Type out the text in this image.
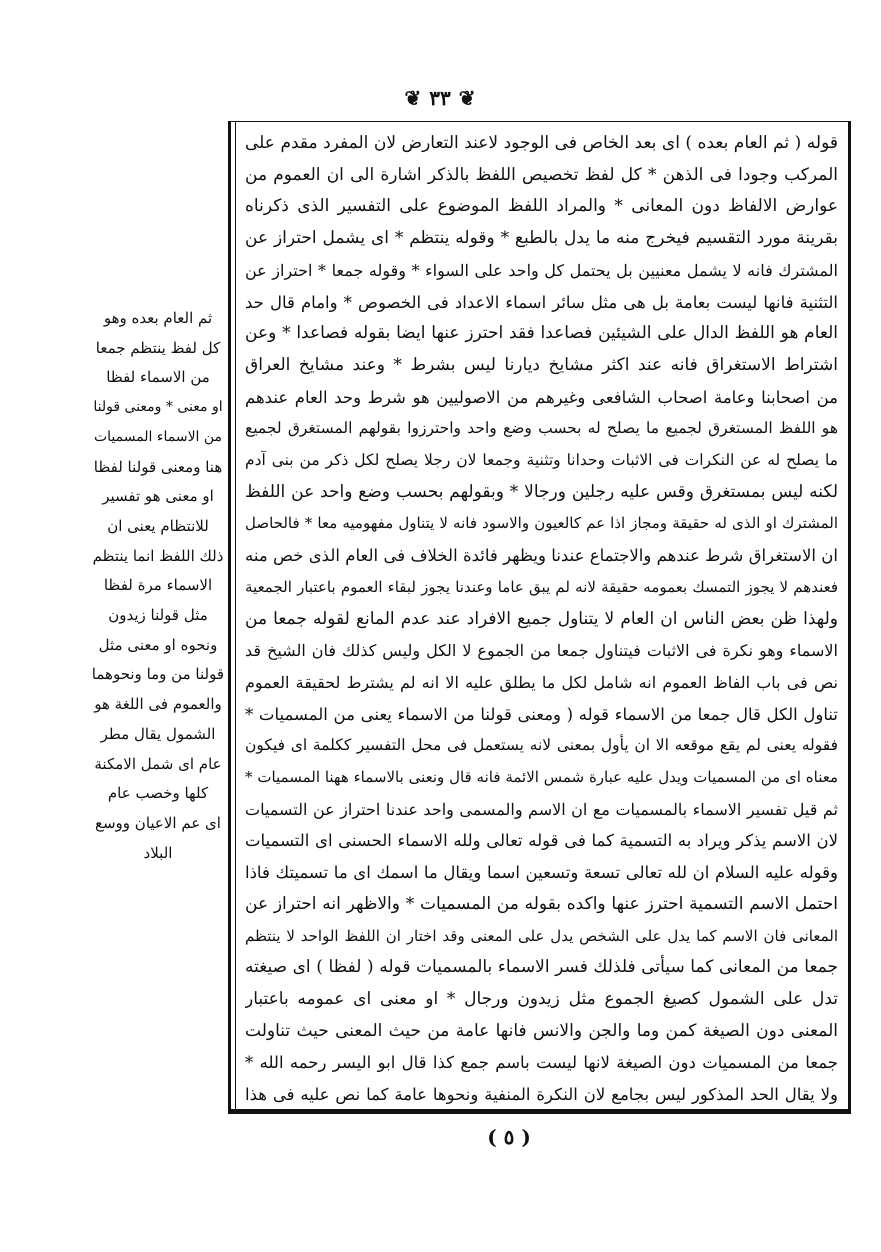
❦ ٣٣ ❦
ثم العام بعده وهو
كل لفظ ينتظم جمعا
من الاسماء لفظا
او معنى * ومعنى قولنا
من الاسماء المسميات
هنا ومعنى قولنا لفظا
او معنى هو تفسير
للانتظام يعنى ان
ذلك اللفظ انما ينتظم
الاسماء مرة لفظا
مثل قولنا زيدون
ونحوه او معنى مثل
قولنا من وما ونحوهما
والعموم فى اللغة هو
الشمول يقال مطر
عام اى شمل الامكنة
كلها وخصب عام
اى عم الاعيان ووسع
البلاد
قوله ( ثم العام بعده ) اى بعد الخاص فى الوجود لاعند التعارض لان المفرد مقدم على
المركب وجودا فى الذهن * كل لفظ تخصيص اللفظ بالذكر اشارة الى ان العموم من
عوارض الالفاظ دون المعانى * والمراد اللفظ الموضوع على التفسير الذى ذكرناه
بقرينة مورد التقسيم فيخرج منه ما يدل بالطبع * وقوله ينتظم * اى يشمل احتراز عن
المشترك فانه لا يشمل معنيين بل يحتمل كل واحد على السواء * وقوله جمعا * احتراز عن
التثنية فانها ليست بعامة بل هى مثل سائر اسماء الاعداد فى الخصوص * وامام قال حد
العام هو اللفظ الدال على الشيئين فصاعدا فقد احترز عنها ايضا بقوله فصاعدا * وعن
اشتراط الاستغراق فانه عند اكثر مشايخ ديارنا ليس بشرط * وعند مشايخ العراق
من اصحابنا وعامة اصحاب الشافعى وغيرهم من الاصوليين هو شرط وحد العام عندهم
هو اللفظ المستغرق لجميع ما يصلح له بحسب وضع واحد واحترزوا بقولهم المستغرق لجميع
ما يصلح له عن النكرات فى الاثبات وحدانا وتثنية وجمعا لان رجلا يصلح لكل ذكر من بنى آدم
لكنه ليس بمستغرق وقس عليه رجلين ورجالا * وبقولهم بحسب وضع واحد عن اللفظ
المشترك او الذى له حقيقة ومجاز اذا عم كالعيون والاسود فانه لا يتناول مفهوميه معا * فالحاصل
ان الاستغراق شرط عندهم والاجتماع عندنا ويظهر فائدة الخلاف فى العام الذى خص منه
فعندهم لا يجوز التمسك بعمومه حقيقة لانه لم يبق عاما وعندنا يجوز لبقاء العموم باعتبار الجمعية
ولهذا ظن بعض الناس ان العام لا يتناول جميع الافراد عند عدم المانع لقوله جمعا من
الاسماء وهو نكرة فى الاثبات فيتناول جمعا من الجموع لا الكل وليس كذلك فان الشيخ قد
نص فى باب الفاظ العموم انه شامل لكل ما يطلق عليه الا انه لم يشترط لحقيقة العموم
تناول الكل قال جمعا من الاسماء قوله ( ومعنى قولنا من الاسماء يعنى من المسميات *
فقوله يعنى لم يقع موقعه الا ان يأول بمعنى لانه يستعمل فى محل التفسير ككلمة اى فيكون
معناه اى من المسميات ويدل عليه عبارة شمس الائمة فانه قال ونعنى بالاسماء ههنا المسميات *
ثم قيل تفسير الاسماء بالمسميات مع ان الاسم والمسمى واحد عندنا احتراز عن التسميات
لان الاسم يذكر ويراد به التسمية كما فى قوله تعالى ولله الاسماء الحسنى اى التسميات
وقوله عليه السلام ان لله تعالى تسعة وتسعين اسما ويقال ما اسمك اى ما تسميتك فاذا
احتمل الاسم التسمية احترز عنها واكده بقوله من المسميات * والاظهر انه احتراز عن
المعانى فان الاسم كما يدل على الشخص يدل على المعنى وقد اختار ان اللفظ الواحد لا ينتظم
جمعا من المعانى كما سيأتى فلذلك فسر الاسماء بالمسميات قوله ( لفظا ) اى صيغته
تدل على الشمول كصيغ الجموع مثل زيدون ورجال * او معنى اى عمومه باعتبار
المعنى دون الصيغة كمن وما والجن والانس فانها عامة من حيث المعنى حيث تناولت
جمعا من المسميات دون الصيغة لانها ليست باسم جمع كذا قال ابو اليسر رحمه الله *
ولا يقال الحد المذكور ليس بجامع لان النكرة المنفية ونحوها عامة كما نص عليه فى هذا
( ٥ )
